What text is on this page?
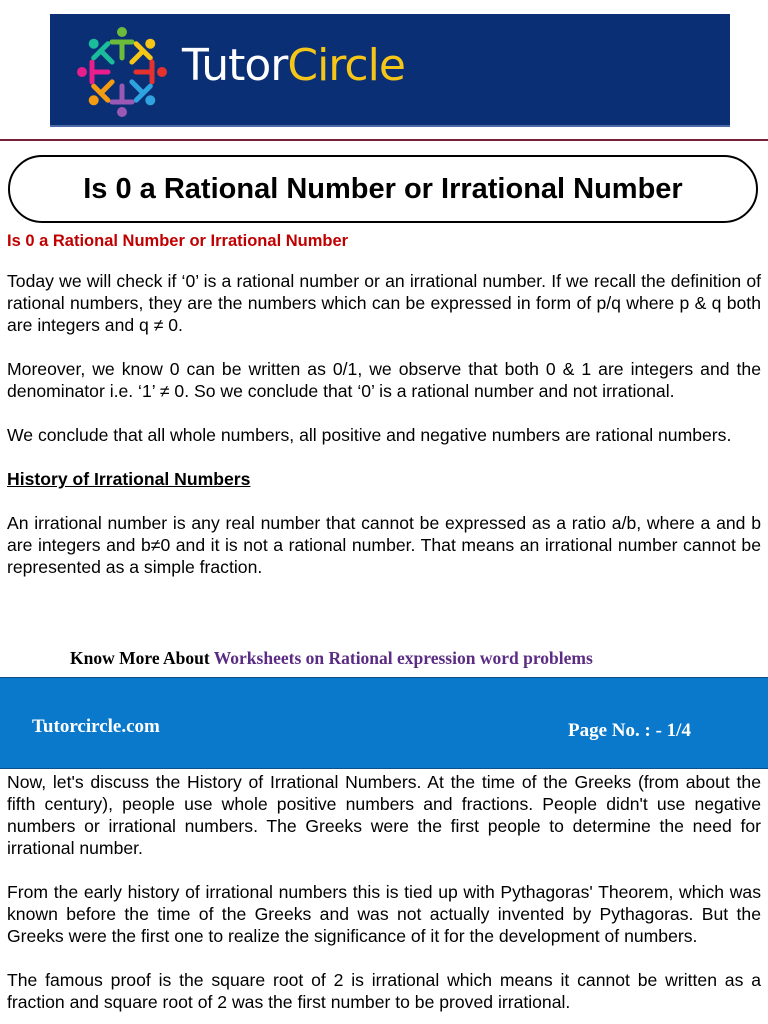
TutorCircle
Is 0 a Rational Number or Irrational Number

Is 0 a Rational Number or Irrational Number

Today we will check if ‘0’ is a rational number or an irrational number. If we recall the definition of rational numbers, they are the numbers which can be expressed in form of p/q where p & q both are integers and q ≠ 0.

Moreover, we know 0 can be written as 0/1, we observe that both 0 & 1 are integers and the denominator i.e. ‘1’ ≠ 0. So we conclude that ‘0’ is a rational number and not irrational.

We conclude that all whole numbers, all positive and negative numbers are rational numbers.

History of Irrational Numbers

An irrational number is any real number that cannot be expressed as a ratio a/b, where a and b are integers and b≠0 and it is not a rational number. That means an irrational number cannot be represented as a simple fraction.

Know More About Worksheets on Rational expression word problems
Tutorcircle.com	Page No. : - 1/4

Now, let's discuss the History of Irrational Numbers. At the time of the Greeks (from about the fifth century), people use whole positive numbers and fractions. People didn't use negative numbers or irrational numbers. The Greeks were the first people to determine the need for irrational number.

From the early history of irrational numbers this is tied up with Pythagoras' Theorem, which was known before the time of the Greeks and was not actually invented by Pythagoras. But the Greeks were the first one to realize the significance of it for the development of numbers.

The famous proof is the square root of 2 is irrational which means it cannot be written as a fraction and square root of 2 was the first number to be proved irrational.
